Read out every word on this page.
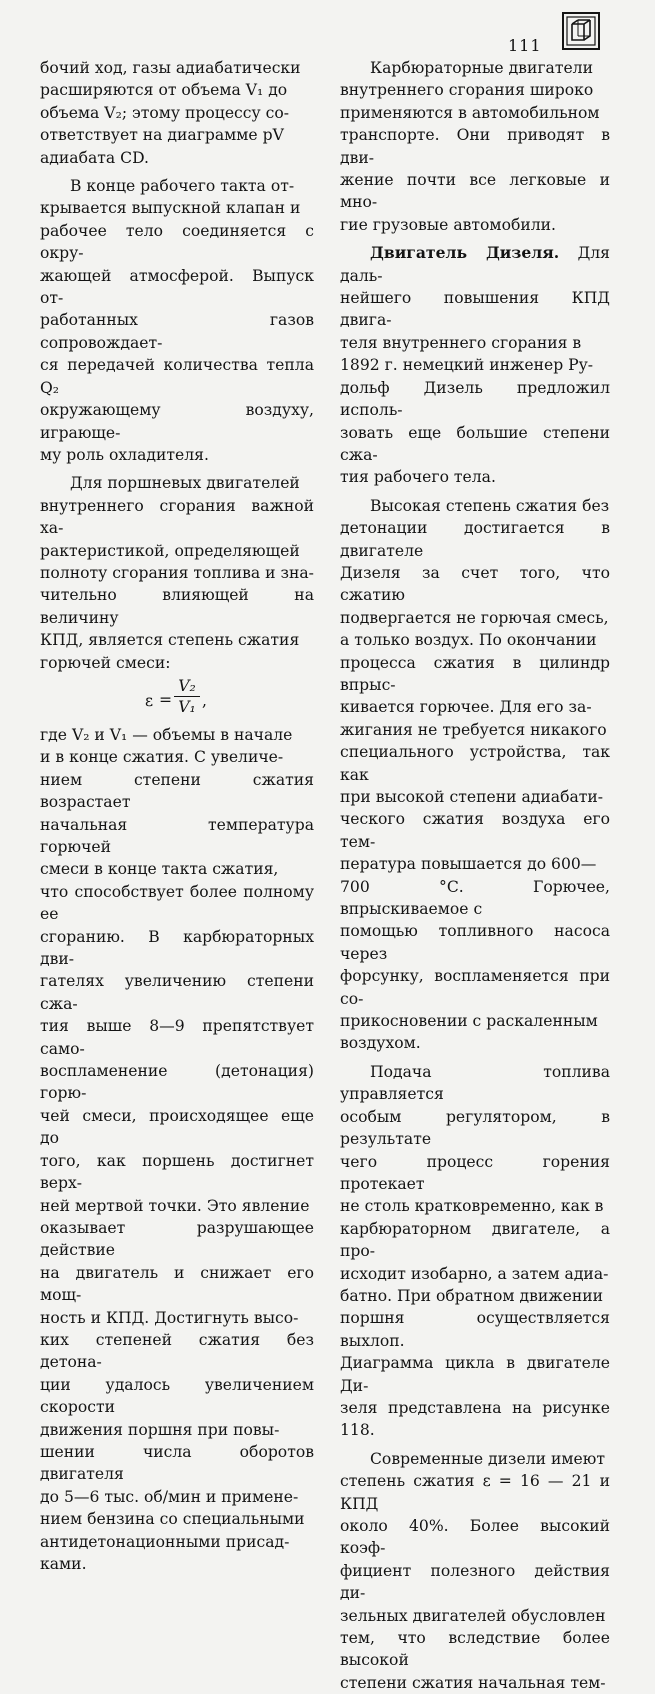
111

бочий ход, газы адиабатически
расширяются от объема V₁ до
объема V₂; этому процессу со-
ответствует на диаграмме pV
адиабата CD.

В конце рабочего такта от-
крывается выпускной клапан и
рабочее тело соединяется с окру-
жающей атмосферой. Выпуск от-
работанных газов сопровождает-
ся передачей количества тепла Q₂
окружающему воздуху, играюще-
му роль охладителя.

Для поршневых двигателей
внутреннего сгорания важной ха-
рактеристикой, определяющей
полноту сгорания топлива и зна-
чительно влияющей на величину
КПД, является степень сжатия
горючей смеси:

$\varepsilon = \frac{\text{V₂}}{\text{V₁}}$ ,

где V₂ и V₁ — объемы в начале
и в конце сжатия. С увеличе-
нием степени сжатия возрастает
начальная температура горючей
смеси в конце такта сжатия,
что способствует более полному ее
сгоранию. В карбюраторных дви-
гателях увеличению степени сжа-
тия выше 8—9 препятствует само-
воспламенение (детонация) горю-
чей смеси, происходящее еще до
того, как поршень достигнет верх-
ней мертвой точки. Это явление
оказывает разрушающее действие
на двигатель и снижает его мощ-
ность и КПД. Достигнуть высо-
ких степеней сжатия без детона-
ции удалось увеличением скорости
движения поршня при повы-
шении числа оборотов двигателя
до 5—6 тыс. об/мин и примене-
нием бензина со специальными
антидетонационными присад-
ками.

Карбюраторные двигатели
внутреннего сгорания широко
применяются в автомобильном
транспорте. Они приводят в дви-
жение почти все легковые и мно-
гие грузовые автомобили.

Двигатель Дизеля. Для даль-
нейшего повышения КПД двига-
теля внутреннего сгорания в
1892 г. немецкий инженер Ру-
дольф Дизель предложил исполь-
зовать еще большие степени сжа-
тия рабочего тела.

Высокая степень сжатия без
детонации достигается в двигателе
Дизеля за счет того, что сжатию
подвергается не горючая смесь,
а только воздух. По окончании
процесса сжатия в цилиндр впрыс-
кивается горючее. Для его за-
жигания не требуется никакого
специального устройства, так как
при высокой степени адиабати-
ческого сжатия воздуха его тем-
пература повышается до 600—
700 °С. Горючее, впрыскиваемое с
помощью топливного насоса через
форсунку, воспламеняется при со-
прикосновении с раскаленным
воздухом.

Подача топлива управляется
особым регулятором, в результате
чего процесс горения протекает
не столь кратковременно, как в
карбюраторном двигателе, а про-
исходит изобарно, а затем адиа-
батно. При обратном движении
поршня осуществляется выхлоп.
Диаграмма цикла в двигателе Ди-
зеля представлена на рисунке 118.

Современные дизели имеют
степень сжатия ε = 16 — 21 и КПД
около 40%. Более высокий коэф-
фициент полезного действия ди-
зельных двигателей обусловлен
тем, что вследствие более высокой
степени сжатия начальная тем-
